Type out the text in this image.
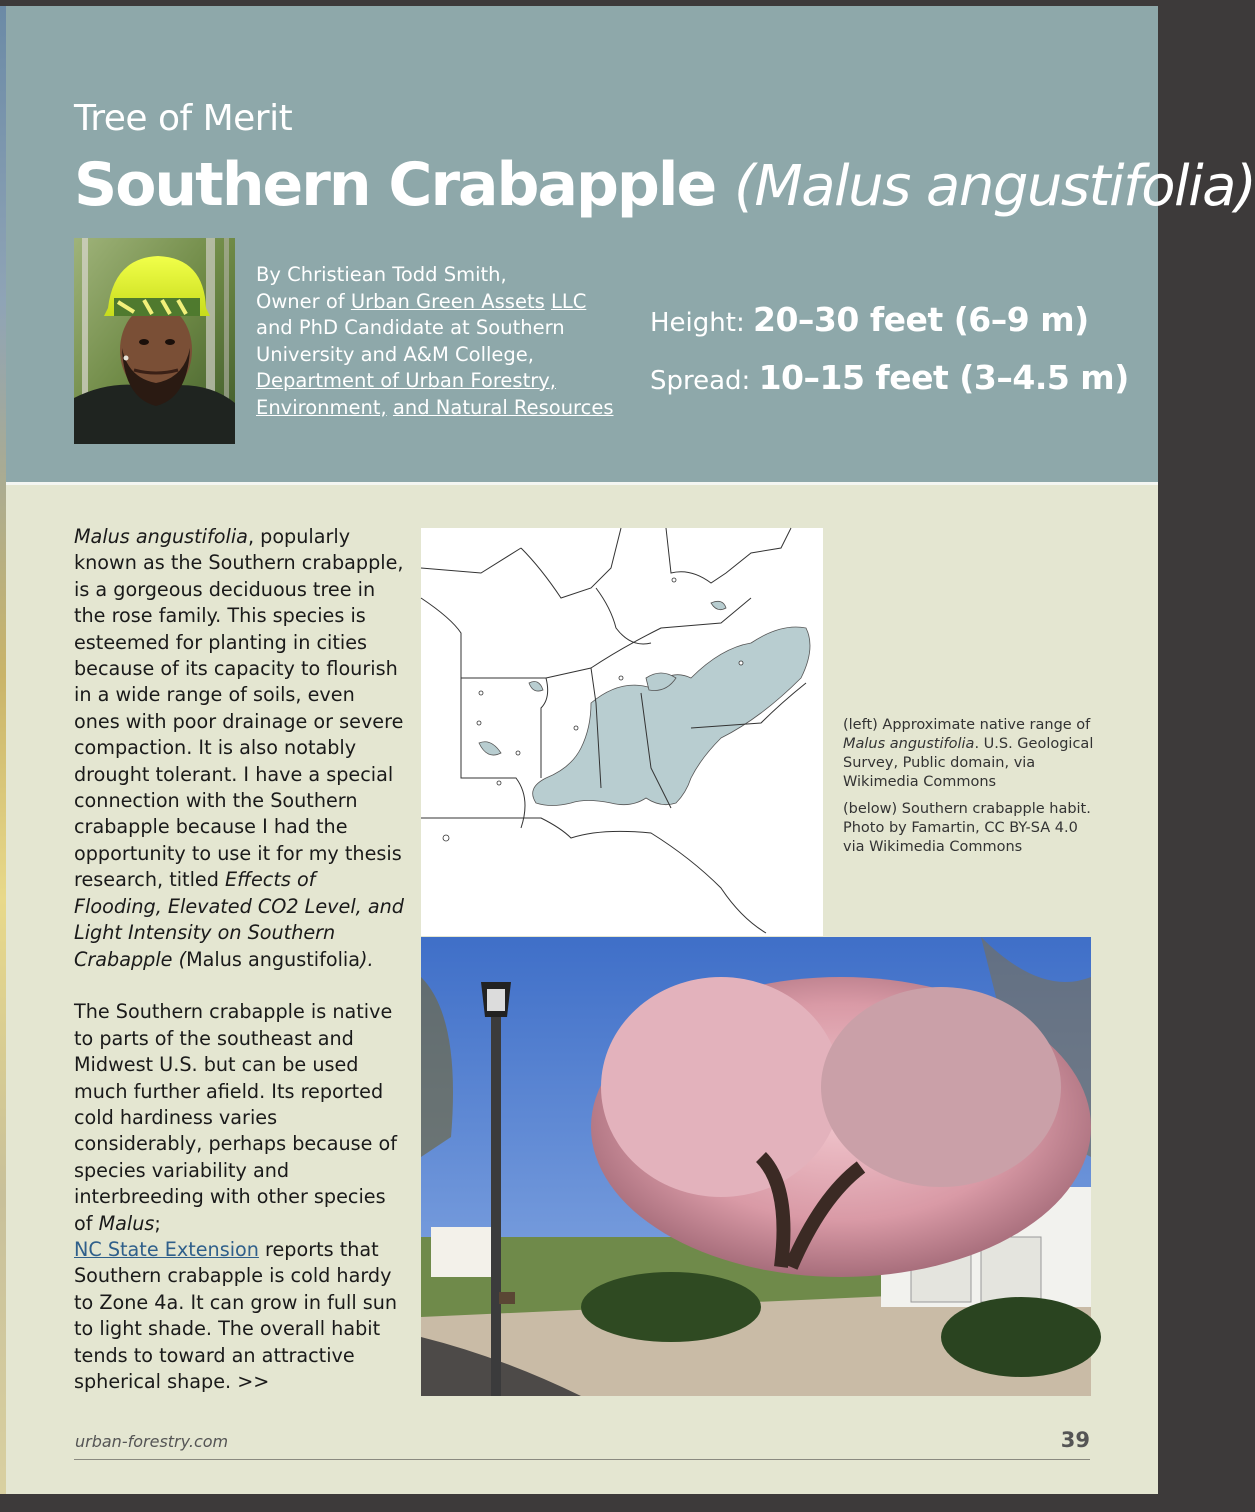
Tree of Merit
Southern Crabapple (Malus angustifolia)
By Christiean Todd Smith,
Owner of Urban Green Assets LLC
and PhD Candidate at Southern
University and A&M College,
Department of Urban Forestry,
Environment, and Natural Resources
Height: 20–30 feet (6–9 m)
Spread: 10–15 feet (3–4.5 m)

Malus angustifolia, popularly known as the Southern crabapple, is a gorgeous deciduous tree in the rose family. This species is esteemed for planting in cities because of its capacity to flourish in a wide range of soils, even ones with poor drainage or severe compaction. It is also notably drought tolerant. I have a special connection with the Southern crabapple because I had the opportunity to use it for my thesis research, titled Effects of Flooding, Elevated CO2 Level, and Light Intensity on Southern Crabapple (Malus angustifolia).

The Southern crabapple is native to parts of the southeast and Midwest U.S. but can be used much further afield. Its reported cold hardiness varies considerably, perhaps because of species variability and interbreeding with other species of Malus;
NC State Extension reports that Southern crabapple is cold hardy to Zone 4a. It can grow in full sun to light shade. The overall habit tends to toward an attractive spherical shape. >>

(left) Approximate native range of Malus angustifolia. U.S. Geological Survey, Public domain, via Wikimedia Commons

(below) Southern crabapple habit. Photo by Famartin, CC BY-SA 4.0 via Wikimedia Commons

urban-forestry.com	39
